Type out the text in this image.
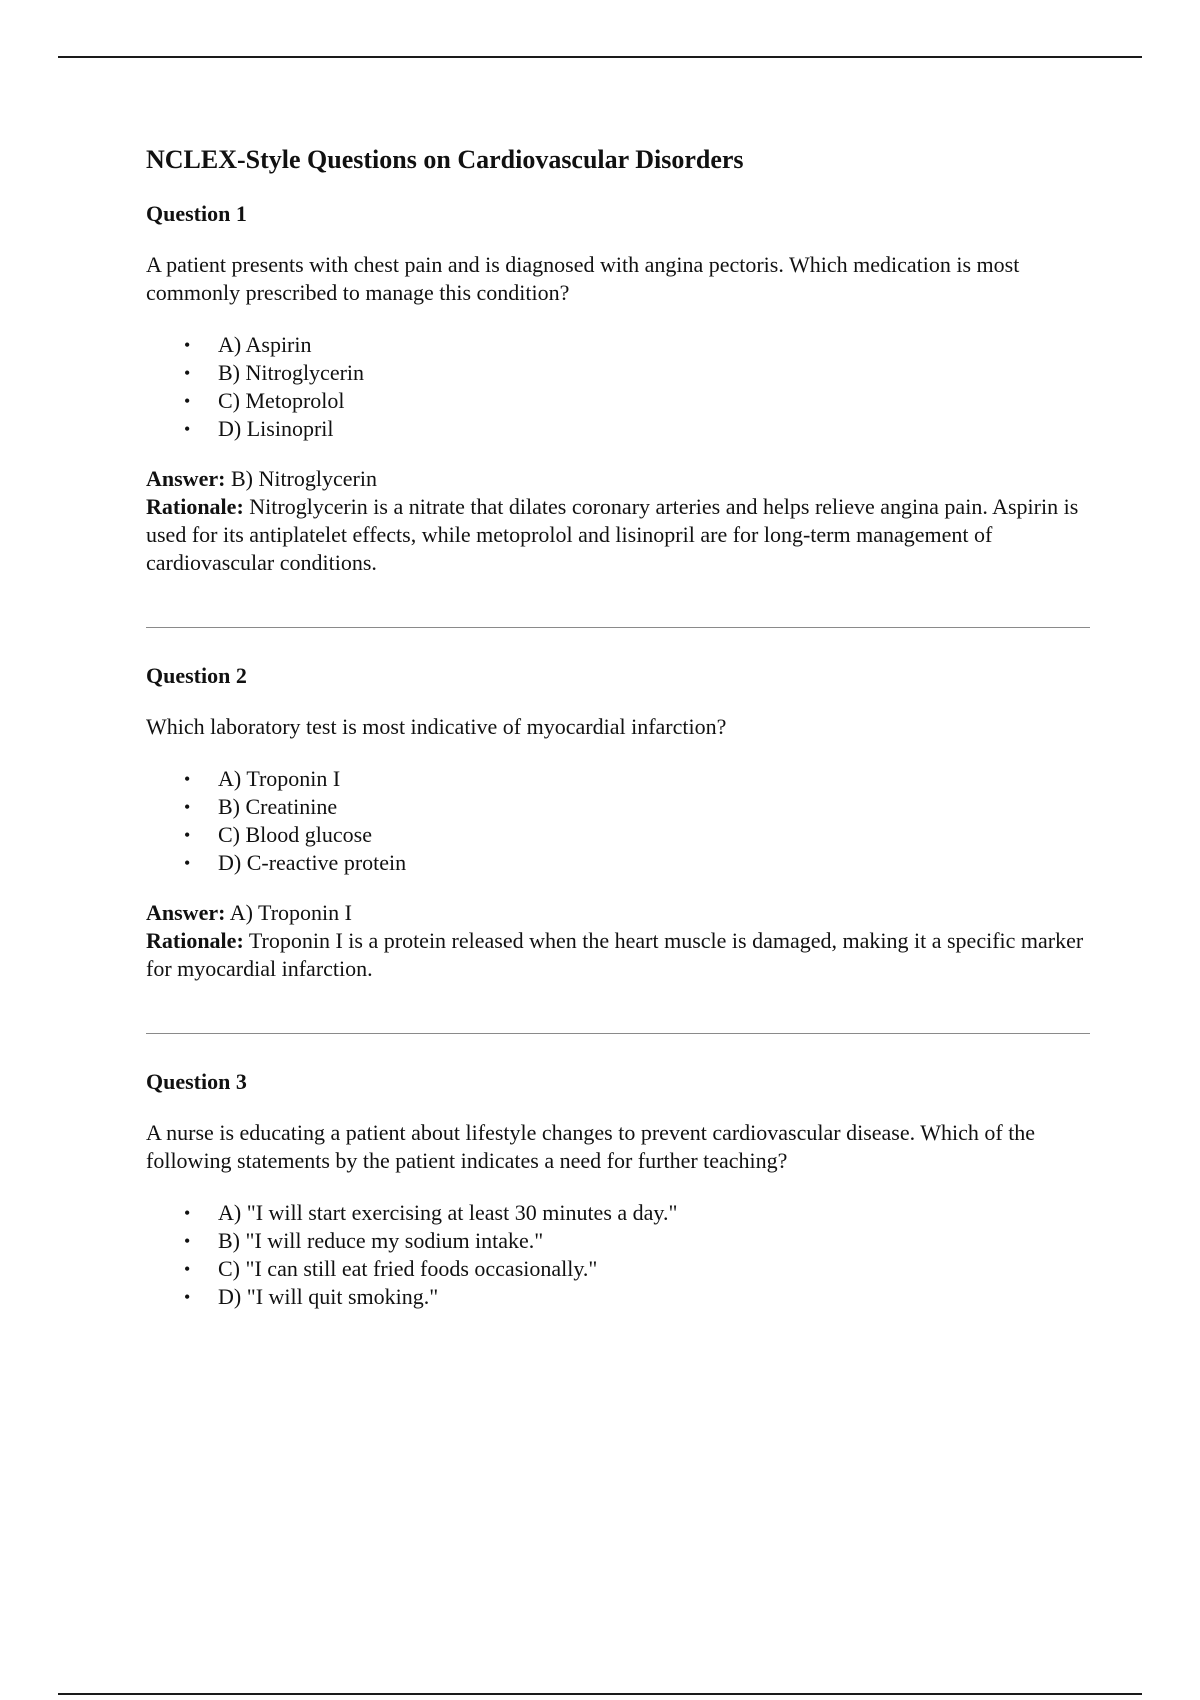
NCLEX-Style Questions on Cardiovascular Disorders
Question 1

A patient presents with chest pain and is diagnosed with angina pectoris. Which medication is most commonly prescribed to manage this condition?

• A) Aspirin
• B) Nitroglycerin
• C) Metoprolol
• D) Lisinopril

Answer: B) Nitroglycerin
Rationale: Nitroglycerin is a nitrate that dilates coronary arteries and helps relieve angina pain. Aspirin is used for its antiplatelet effects, while metoprolol and lisinopril are for long-term management of cardiovascular conditions.

Question 2

Which laboratory test is most indicative of myocardial infarction?

• A) Troponin I
• B) Creatinine
• C) Blood glucose
• D) C-reactive protein

Answer: A) Troponin I
Rationale: Troponin I is a protein released when the heart muscle is damaged, making it a specific marker for myocardial infarction.

Question 3

A nurse is educating a patient about lifestyle changes to prevent cardiovascular disease. Which of the following statements by the patient indicates a need for further teaching?

• A) "I will start exercising at least 30 minutes a day."
• B) "I will reduce my sodium intake."
• C) "I can still eat fried foods occasionally."
• D) "I will quit smoking."
